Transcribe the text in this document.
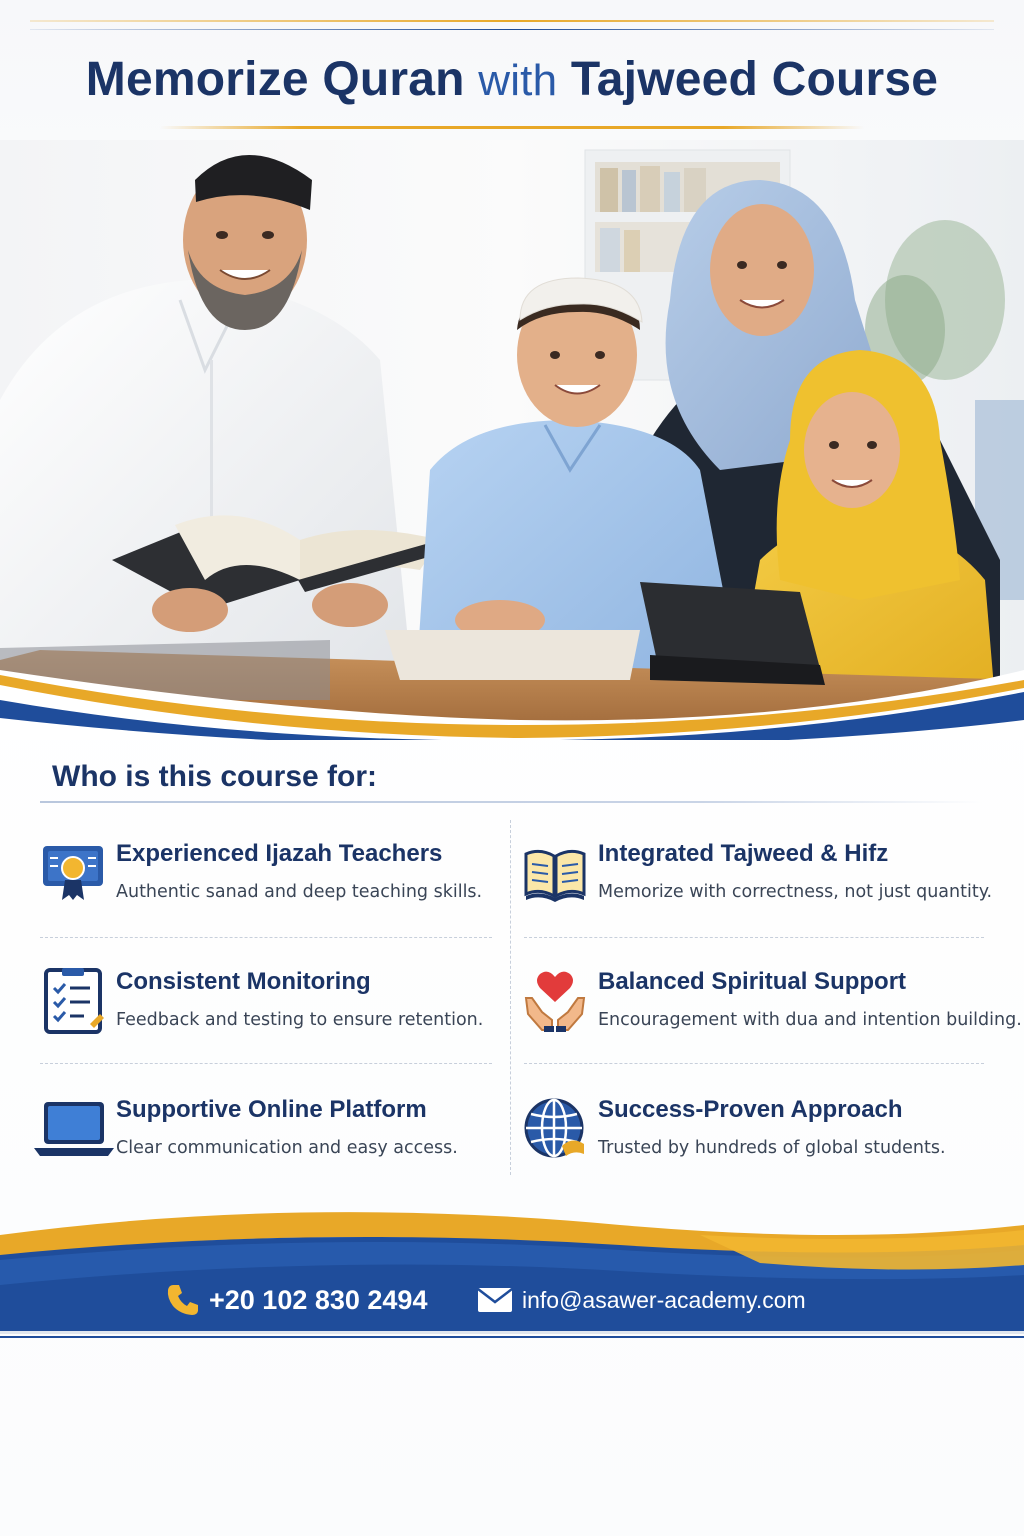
Memorize Quran with Tajweed Course
Who is this course for:
Experienced Ijazah Teachers
Authentic sanad and deep teaching skills.
Integrated Tajweed & Hifz
Memorize with correctness, not just quantity.
Consistent Monitoring
Feedback and testing to ensure retention.
Balanced Spiritual Support
Encouragement with dua and intention building.
Supportive Online Platform
Clear communication and easy access.
Success-Proven Approach
Trusted by hundreds of global students.
+20 102 830 2494	info@asawer-academy.com
